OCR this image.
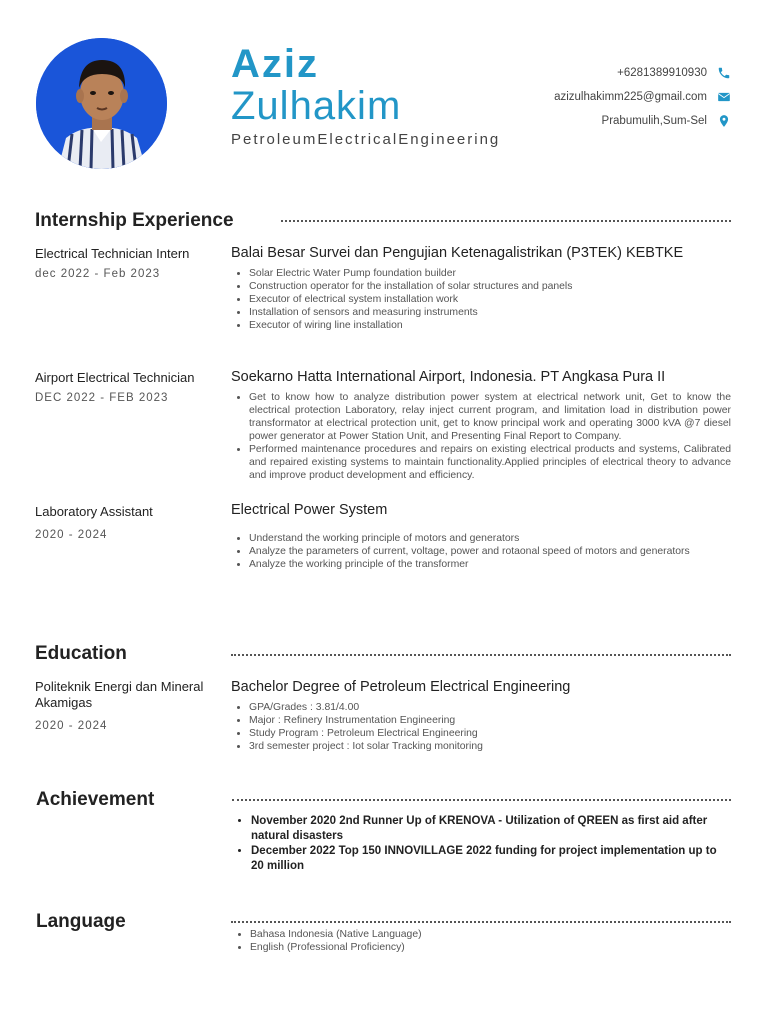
Aziz
Zulhakim
PetroleumElectricalEngineering
+6281389910930
azizulhakimm225@gmail.com
Prabumulih,Sum-Sel
Internship Experience
Electrical Technician Intern
dec 2022 - Feb 2023
Balai Besar Survei dan Pengujian Ketenagalistrikan (P3TEK) KEBTKE
• Solar Electric Water Pump foundation builder
• Construction operator for the installation of solar structures and panels
• Executor of electrical system installation work
• Installation of sensors and measuring instruments
• Executor of wiring line installation
Airport Electrical Technician
DEC 2022 - FEB 2023
Soekarno Hatta International Airport, Indonesia. PT Angkasa Pura II
• Get to know how to analyze distribution power system at electrical network unit, Get to know the electrical protection Laboratory, relay inject current program, and limitation load in distribution power transformator at electrical protection unit, get to know principal work and operating 3000 kVA @7 diesel power generator at Power Station Unit, and Presenting Final Report to Company.
• Performed maintenance procedures and repairs on existing electrical products and systems, Calibrated and repaired existing systems to maintain functionality.Applied principles of electrical theory to advance and improve product development and efficiency.
Laboratory Assistant
2020 - 2024
Electrical Power System
• Understand the working principle of motors and generators
• Analyze the parameters of current, voltage, power and rotaonal speed of motors and generators
• Analyze the working principle of the transformer
Education
Politeknik Energi dan Mineral Akamigas
2020 - 2024
Bachelor Degree of Petroleum Electrical Engineering
• GPA/Grades : 3.81/4.00
• Major : Refinery Instrumentation Engineering
• Study Program : Petroleum Electrical Engineering
• 3rd semester project : Iot solar Tracking monitoring
Achievement
• November 2020 2nd Runner Up of KRENOVA - Utilization of QREEN as first aid after natural disasters
• December 2022 Top 150 INNOVILLAGE 2022 funding for project implementation up to 20 million
Language
• Bahasa Indonesia (Native Language)
• English (Professional Proficiency)
